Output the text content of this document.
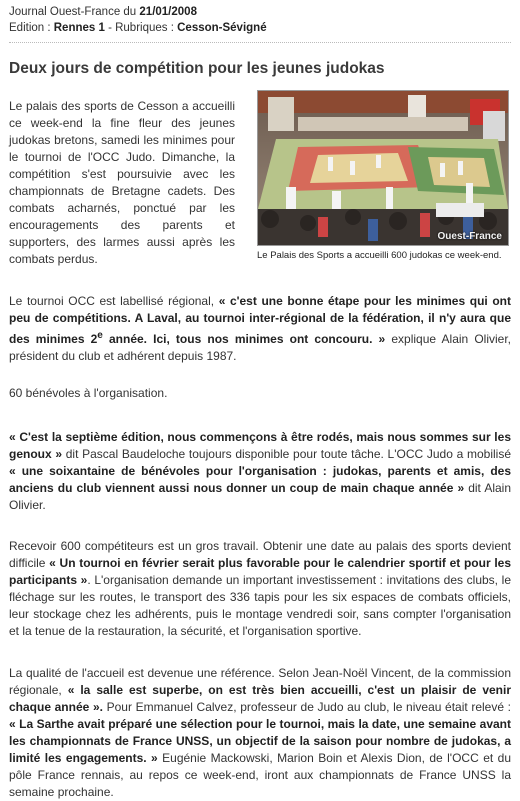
Journal Ouest-France du 21/01/2008
Edition : Rennes 1 - Rubriques : Cesson-Sévigné
Deux jours de compétition pour les jeunes judokas

Le palais des sports de Cesson a accueilli ce week-end la fine fleur des jeunes judokas bretons, samedi les minimes pour le tournoi de l'OCC Judo. Dimanche, la compétition s'est poursuivie avec les championnats de Bretagne cadets. Des combats acharnés, ponctué par les encouragements des parents et supporters, des larmes aussi après les combats perdus.

Ouest-France
Le Palais des Sports a accueilli 600 judokas ce week-end.

Le tournoi OCC est labellisé régional, « c'est une bonne étape pour les minimes qui ont peu de compétitions. A Laval, au tournoi inter-régional de la fédération, il n'y aura que des minimes 2e année. Ici, tous nos minimes ont concouru. » explique Alain Olivier, président du club et adhérent depuis 1987.

60 bénévoles à l'organisation.

« C'est la septième édition, nous commençons à être rodés, mais nous sommes sur les genoux » dit Pascal Baudeloche toujours disponible pour toute tâche. L'OCC Judo a mobilisé « une soixantaine de bénévoles pour l'organisation : judokas, parents et amis, des anciens du club viennent aussi nous donner un coup de main chaque année » dit Alain Olivier.

Recevoir 600 compétiteurs est un gros travail. Obtenir une date au palais des sports devient difficile « Un tournoi en février serait plus favorable pour le calendrier sportif et pour les participants ». L'organisation demande un important investissement : invitations des clubs, le fléchage sur les routes, le transport des 336 tapis pour les six espaces de combats officiels, leur stockage chez les adhérents, puis le montage vendredi soir, sans compter l'organisation et la tenue de la restauration, la sécurité, et l'organisation sportive.

La qualité de l'accueil est devenue une référence. Selon Jean-Noël Vincent, de la commission régionale, « la salle est superbe, on est très bien accueilli, c'est un plaisir de venir chaque année ». Pour Emmanuel Calvez, professeur de Judo au club, le niveau était relevé : « La Sarthe avait préparé une sélection pour le tournoi, mais la date, une semaine avant les championnats de France UNSS, un objectif de la saison pour nombre de judokas, a limité les engagements. » Eugénie Mackowski, Marion Boin et Alexis Dion, de l'OCC et du pôle France rennais, au repos ce week-end, iront aux championnats de France UNSS la semaine prochaine.
